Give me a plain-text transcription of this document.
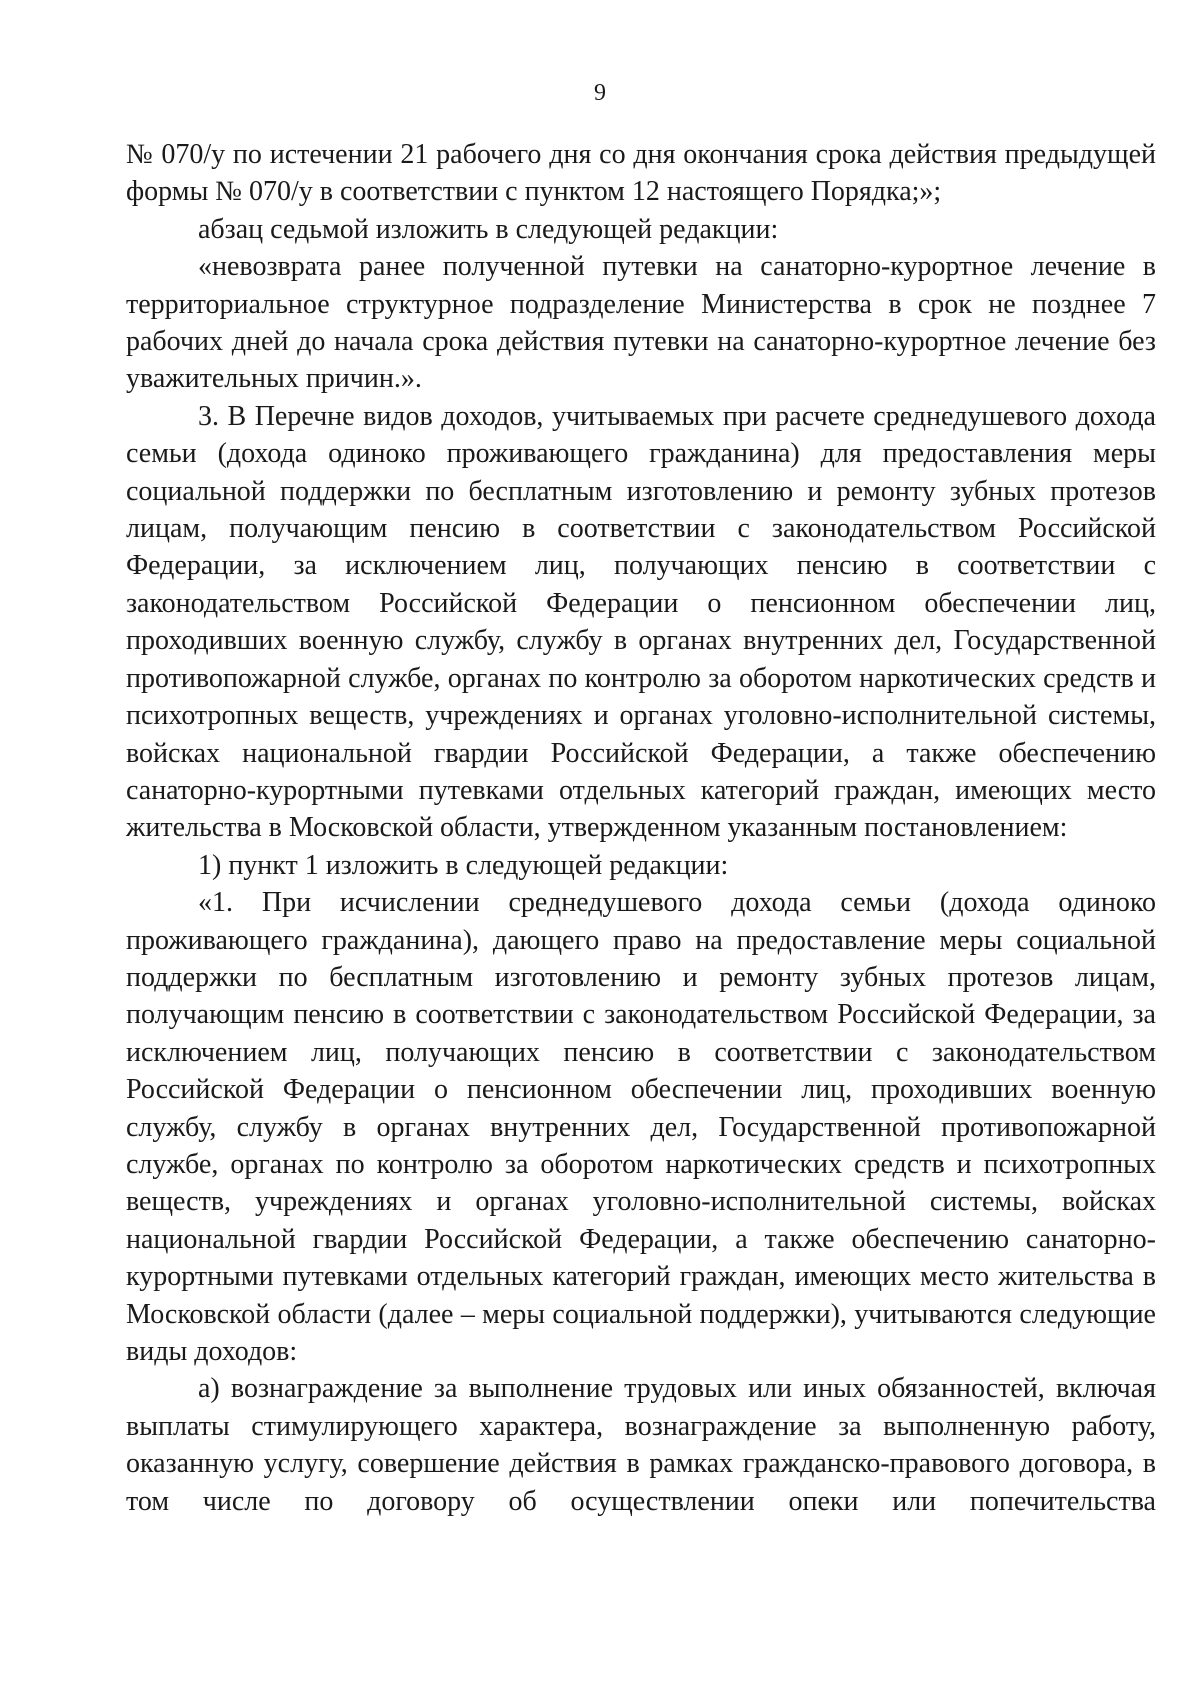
9

№ 070/у по истечении 21 рабочего дня со дня окончания срока действия предыдущей формы № 070/у в соответствии с пунктом 12 настоящего Порядка;»;

абзац седьмой изложить в следующей редакции:

«невозврата ранее полученной путевки на санаторно-курортное лечение в территориальное структурное подразделение Министерства в срок не позднее 7 рабочих дней до начала срока действия путевки на санаторно-курортное лечение без уважительных причин.».

3. В Перечне видов доходов, учитываемых при расчете среднедушевого дохода семьи (дохода одиноко проживающего гражданина) для предоставления меры социальной поддержки по бесплатным изготовлению и ремонту зубных протезов лицам, получающим пенсию в соответствии с законодательством Российской Федерации, за исключением лиц, получающих пенсию в соответствии с законодательством Российской Федерации о пенсионном обеспечении лиц, проходивших военную службу, службу в органах внутренних дел, Государственной противопожарной службе, органах по контролю за оборотом наркотических средств и психотропных веществ, учреждениях и органах уголовно-исполнительной системы, войсках национальной гвардии Российской Федерации, а также обеспечению санаторно-курортными путевками отдельных категорий граждан, имеющих место жительства в Московской области, утвержденном указанным постановлением:

1) пункт 1 изложить в следующей редакции:

«1. При исчислении среднедушевого дохода семьи (дохода одиноко проживающего гражданина), дающего право на предоставление меры социальной поддержки по бесплатным изготовлению и ремонту зубных протезов лицам, получающим пенсию в соответствии с законодательством Российской Федерации, за исключением лиц, получающих пенсию в соответствии с законодательством Российской Федерации о пенсионном обеспечении лиц, проходивших военную службу, службу в органах внутренних дел, Государственной противопожарной службе, органах по контролю за оборотом наркотических средств и психотропных веществ, учреждениях и органах уголовно-исполнительной системы, войсках национальной гвардии Российской Федерации, а также обеспечению санаторно-курортными путевками отдельных категорий граждан, имеющих место жительства в Московской области (далее – меры социальной поддержки), учитываются следующие виды доходов:

а) вознаграждение за выполнение трудовых или иных обязанностей, включая выплаты стимулирующего характера, вознаграждение за выполненную работу, оказанную услугу, совершение действия в рамках гражданско-правового договора, в том числе по договору об осуществлении опеки или попечительства
